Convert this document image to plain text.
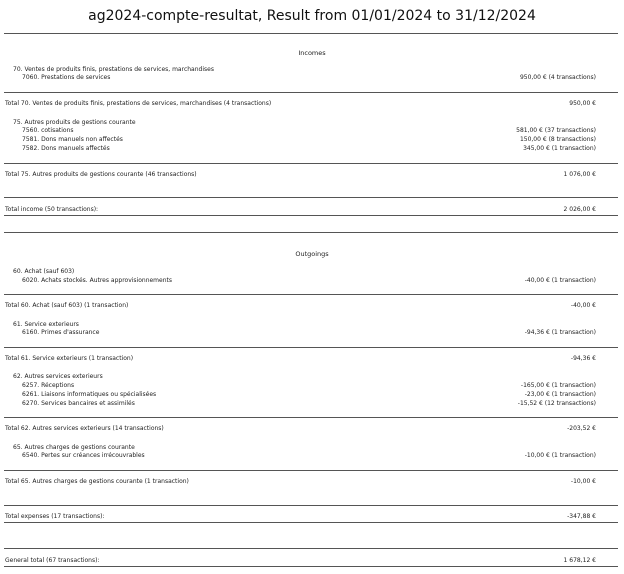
ag2024-compte-resultat, Result from 01/01/2024 to 31/12/2024
Incomes
70. Ventes de produits finis, prestations de services, marchandises
7060. Prestations de services	950,00 € (4 transactions)
Total 70. Ventes de produits finis, prestations de services, marchandises (4 transactions)	950,00 €
75. Autres produits de gestions courante
7560. cotisations	581,00 € (37 transactions)
7581. Dons manuels non affectés	150,00 € (8 transactions)
7582. Dons manuels affectés	345,00 € (1 transaction)
Total 75. Autres produits de gestions courante (46 transactions)	1 076,00 €
Total income (50 transactions):	2 026,00 €
Outgoings
60. Achat (sauf 603)
6020. Achats stockés. Autres approvisionnements	-40,00 € (1 transaction)
Total 60. Achat (sauf 603) (1 transaction)	-40,00 €
61. Service exterieurs
6160. Primes d'assurance	-94,36 € (1 transaction)
Total 61. Service exterieurs (1 transaction)	-94,36 €
62. Autres services exterieurs
6257. Réceptions	-165,00 € (1 transaction)
6261. Liaisons informatiques ou spécialisées	-23,00 € (1 transaction)
6270. Services bancaires et assimilés	-15,52 € (12 transactions)
Total 62. Autres services exterieurs (14 transactions)	-203,52 €
65. Autres charges de gestions courante
6540. Pertes sur créances irrécouvrables	-10,00 € (1 transaction)
Total 65. Autres charges de gestions courante (1 transaction)	-10,00 €
Total expenses (17 transactions):	-347,88 €
General total (67 transactions):	1 678,12 €
